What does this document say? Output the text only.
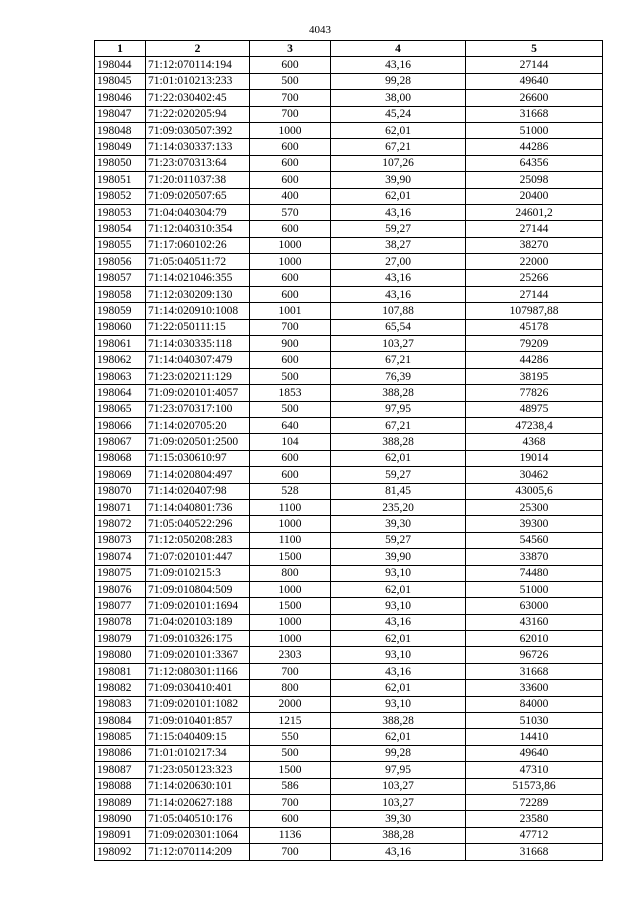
4043
1	2	3	4	5
198044	71:12:070114:194	600	43,16	27144
198045	71:01:010213:233	500	99,28	49640
198046	71:22:030402:45	700	38,00	26600
198047	71:22:020205:94	700	45,24	31668
198048	71:09:030507:392	1000	62,01	51000
198049	71:14:030337:133	600	67,21	44286
198050	71:23:070313:64	600	107,26	64356
198051	71:20:011037:38	600	39,90	25098
198052	71:09:020507:65	400	62,01	20400
198053	71:04:040304:79	570	43,16	24601,2
198054	71:12:040310:354	600	59,27	27144
198055	71:17:060102:26	1000	38,27	38270
198056	71:05:040511:72	1000	27,00	22000
198057	71:14:021046:355	600	43,16	25266
198058	71:12:030209:130	600	43,16	27144
198059	71:14:020910:1008	1001	107,88	107987,88
198060	71:22:050111:15	700	65,54	45178
198061	71:14:030335:118	900	103,27	79209
198062	71:14:040307:479	600	67,21	44286
198063	71:23:020211:129	500	76,39	38195
198064	71:09:020101:4057	1853	388,28	77826
198065	71:23:070317:100	500	97,95	48975
198066	71:14:020705:20	640	67,21	47238,4
198067	71:09:020501:2500	104	388,28	4368
198068	71:15:030610:97	600	62,01	19014
198069	71:14:020804:497	600	59,27	30462
198070	71:14:020407:98	528	81,45	43005,6
198071	71:14:040801:736	1100	235,20	25300
198072	71:05:040522:296	1000	39,30	39300
198073	71:12:050208:283	1100	59,27	54560
198074	71:07:020101:447	1500	39,90	33870
198075	71:09:010215:3	800	93,10	74480
198076	71:09:010804:509	1000	62,01	51000
198077	71:09:020101:1694	1500	93,10	63000
198078	71:04:020103:189	1000	43,16	43160
198079	71:09:010326:175	1000	62,01	62010
198080	71:09:020101:3367	2303	93,10	96726
198081	71:12:080301:1166	700	43,16	31668
198082	71:09:030410:401	800	62,01	33600
198083	71:09:020101:1082	2000	93,10	84000
198084	71:09:010401:857	1215	388,28	51030
198085	71:15:040409:15	550	62,01	14410
198086	71:01:010217:34	500	99,28	49640
198087	71:23:050123:323	1500	97,95	47310
198088	71:14:020630:101	586	103,27	51573,86
198089	71:14:020627:188	700	103,27	72289
198090	71:05:040510:176	600	39,30	23580
198091	71:09:020301:1064	1136	388,28	47712
198092	71:12:070114:209	700	43,16	31668
